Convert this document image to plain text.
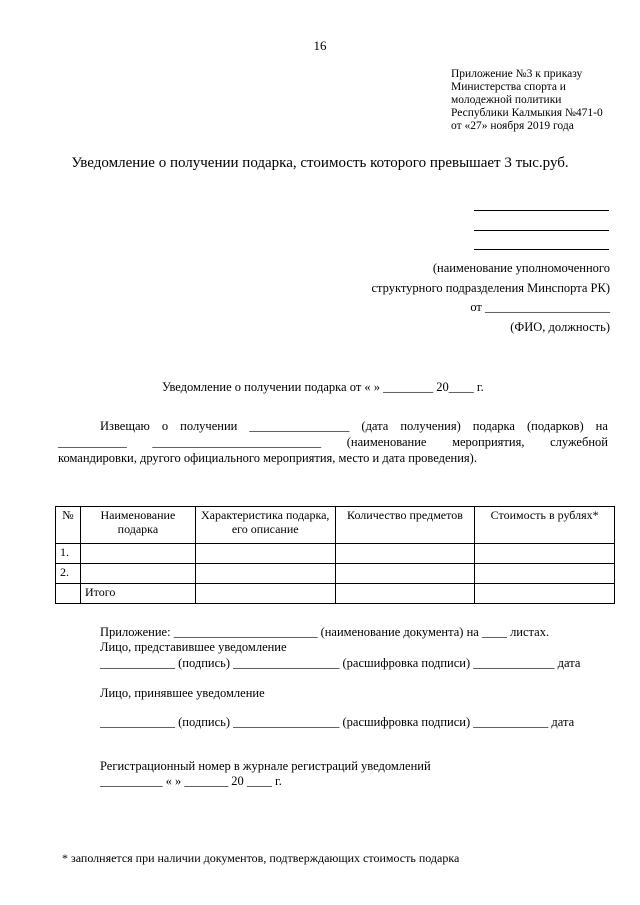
16
Приложение №3 к приказу
Министерства спорта и
молодежной политики
Республики Калмыкия №471-0
от «27» ноября 2019 года
Уведомление о получении подарка, стоимость которого превышает 3 тыс.руб.
(наименование уполномоченного
структурного подразделения Минспорта РК)
от ____________________
(ФИО, должность)
Уведомление о получении подарка от « » ________ 20____ г.
Извещаю о получении ________________ (дата получения) подарка (подарков) на
___________ ___________________________ (наименование мероприятия, служебной
командировки, другого официального мероприятия, место и дата проведения).
№	Наименование подарка	Характеристика подарка, его описание	Количество предметов	Стоимость в рублях*
1.				
2.				
	Итого			
Приложение: _______________________ (наименование документа) на ____ листах.
Лицо, представившее уведомление
____________ (подпись) _________________ (расшифровка подписи) _____________ дата
Лицо, принявшее уведомление
____________ (подпись) _________________ (расшифровка подписи) ____________ дата
Регистрационный номер в журнале регистраций уведомлений
__________ « » _______ 20 ____ г.
* заполняется при наличии документов, подтверждающих стоимость подарка
